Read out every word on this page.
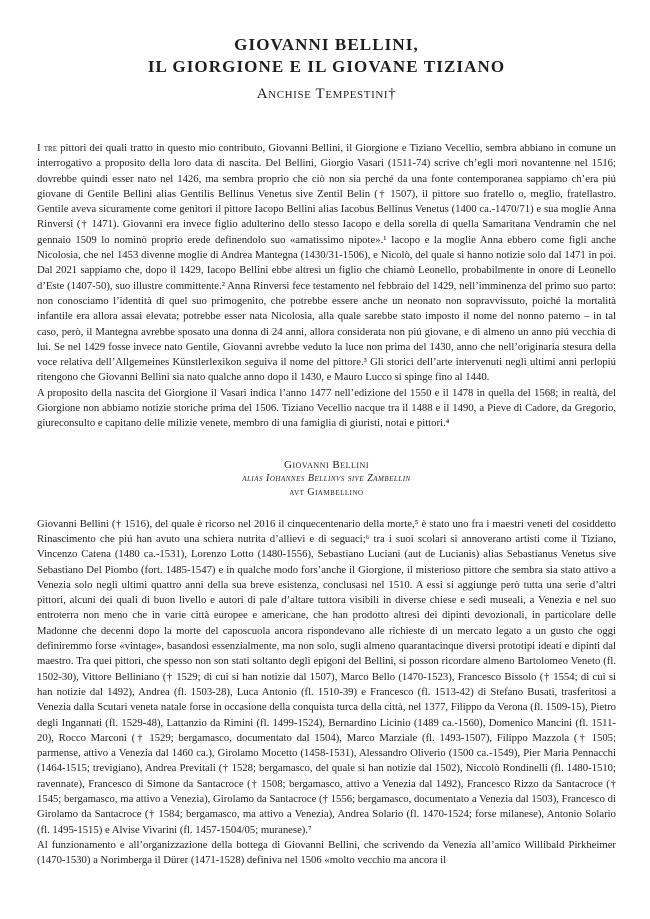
GIOVANNI BELLINI,
IL GIORGIONE E IL GIOVANE TIZIANO
Anchise Tempestini†

I tre pittori dei quali tratto in questo mio contributo, Giovanni Bellini, il Giorgione e Tiziano Vecellio, sembra abbiano in comune un interrogativo a proposito della loro data di nascita. Del Bellini, Giorgio Vasari (1511-74) scrive ch’egli morì novantenne nel 1516; dovrebbe quindi esser nato nel 1426, ma sembra proprio che ciò non sia perché da una fonte contemporanea sappiamo ch’era piú giovane di Gentile Bellini alias Gentilis Bellinus Venetus sive Zentil Belin († 1507), il pittore suo fratello o, meglio, fratellastro. Gentile aveva sicuramente come genitori il pittore Iacopo Bellini alias Iacobus Bellinus Venetus (1400 ca.-1470/71) e sua moglie Anna Rinversi († 1471). Giovanni era invece figlio adulterino dello stesso Iacopo e della sorella di quella Samaritana Vendramin che nel gennaio 1509 lo nominò proprio erede definendolo suo «amatissimo nipote».¹ Iacopo e la moglie Anna ebbero come figli anche Nicolosia, che nel 1453 divenne moglie di Andrea Mantegna (1430/31-1506), e Nicolò, del quale si hanno notizie solo dal 1471 in poi. Dal 2021 sappiamo che, dopo il 1429, Iacopo Bellini ebbe altresì un figlio che chiamò Leonello, probabilmente in onore di Leonello d’Este (1407-50), suo illustre committente.² Anna Rinversi fece testamento nel febbraio del 1429, nell’imminenza del primo suo parto: non conosciamo l’identità di quel suo primogenito, che potrebbe essere anche un neonato non sopravvissuto, poiché la mortalità infantile era allora assai elevata; potrebbe esser nata Nicolosia, alla quale sarebbe stato imposto il nome del nonno paterno – in tal caso, però, il Mantegna avrebbe sposato una donna di 24 anni, allora considerata non piú giovane, e di almeno un anno piú vecchia di lui. Se nel 1429 fosse invece nato Gentile, Giovanni avrebbe veduto la luce non prima del 1430, anno che nell’originaria stesura della voce relativa dell’Allgemeines Künstlerlexikon seguiva il nome del pittore.³ Gli storici dell’arte intervenuti negli ultimi anni perlopiú ritengono che Giovanni Bellini sia nato qualche anno dopo il 1430, e Mauro Lucco si spinge fino al 1440.

A proposito della nascita del Giorgione il Vasari indica l’anno 1477 nell’edizione del 1550 e il 1478 in quella del 1568; in realtà, del Giorgione non abbiamo notizie storiche prima del 1506. Tiziano Vecellio nacque tra il 1488 e il 1490, a Pieve di Cadore, da Gregorio, giureconsulto e capitano delle milizie venete, membro di una famiglia di giuristi, notai e pittori.⁴

Giovanni Bellini
alias Iohannes Bellinvs sive Zambellin
avt Giambellino

Giovanni Bellini († 1516), del quale è ricorso nel 2016 il cinquecentenario della morte,⁵ è stato uno fra i maestri veneti del cosiddetto Rinascimento che piú han avuto una schiera nutrita d’allievi e di seguaci;⁶ tra i suoi scolari si annoverano artisti come il Tiziano, Vincenzo Catena (1480 ca.-1531), Lorenzo Lotto (1480-1556), Sebastiano Luciani (aut de Lucianis) alias Sebastianus Venetus sive Sebastiano Del Piombo (fort. 1485-1547) e in qualche modo fors’anche il Giorgione, il misterioso pittore che sembra sia stato attivo a Venezia solo negli ultimi quattro anni della sua breve esistenza, conclusasi nel 1510. A essi si aggiunge però tutta una serie d’altri pittori, alcuni dei quali di buon livello e autori di pale d’altare tuttora visibili in diverse chiese e sedi museali, a Venezia e nel suo entroterra non meno che in varie città europee e americane, che han prodotto altresì dei dipinti devozionali, in particolare delle Madonne che decenni dopo la morte del caposcuola ancora rispondevano alle richieste di un mercato legato a un gusto che oggi definiremmo forse «vintage», basandosi essenzialmente, ma non solo, sugli almeno quarantacinque diversi prototipi ideati e dipinti dal maestro. Tra quei pittori, che spesso non son stati soltanto degli epigoni del Bellini, si posson ricordare almeno Bartolomeo Veneto (fl. 1502-30), Vittore Belliniano († 1529; di cui si han notizie dal 1507), Marco Bello (1470-1523), Francesco Bissolo († 1554; di cui si han notizie dal 1492), Andrea (fl. 1503-28), Luca Antonio (fl. 1510-39) e Francesco (fl. 1513-42) di Stefano Busati, trasferitosi a Venezia dalla Scutari veneta natale forse in occasione della conquista turca della città, nel 1377, Filippo da Verona (fl. 1509-15), Pietro degli Ingannati (fl. 1529-48), Lattanzio da Rimini (fl. 1499-1524), Bernardino Licinio (1489 ca.-1560), Domenico Mancini (fl. 1511-20), Rocco Marconi († 1529; bergamasco, documentato dal 1504), Marco Marziale (fl. 1493-1507), Filippo Mazzola († 1505; parmense, attivo a Venezia dal 1460 ca.), Girolamo Mocetto (1458-1531), Alessandro Oliverio (1500 ca.-1549), Pier Maria Pennacchi (1464-1515; trevigiano), Andrea Previtali († 1528; bergamasco, del quale si han notizie dal 1502), Niccolò Rondinelli (fl. 1480-1510; ravennate), Francesco di Simone da Santacroce († 1508; bergamasco, attivo a Venezia dal 1492), Francesco Rizzo da Santacroce († 1545; bergamasco, ma attivo a Venezia), Girolamo da Santacroce († 1556; bergamasco, documentato a Venezia dal 1503), Francesco di Girolamo da Santacroce († 1584; bergamasco, ma attivo a Venezia), Andrea Solario (fl. 1470-1524; forse milanese), Antonio Solario (fl. 1495-1515) e Alvise Vivarini (fl. 1457-1504/05; muranese).⁷

Al funzionamento e all’organizzazione della bottega di Giovanni Bellini, che scrivendo da Venezia all’amico Willibald Pirkheimer (1470-1530) a Norimberga il Dürer (1471-1528) definiva nel 1506 «molto vecchio ma ancora il
